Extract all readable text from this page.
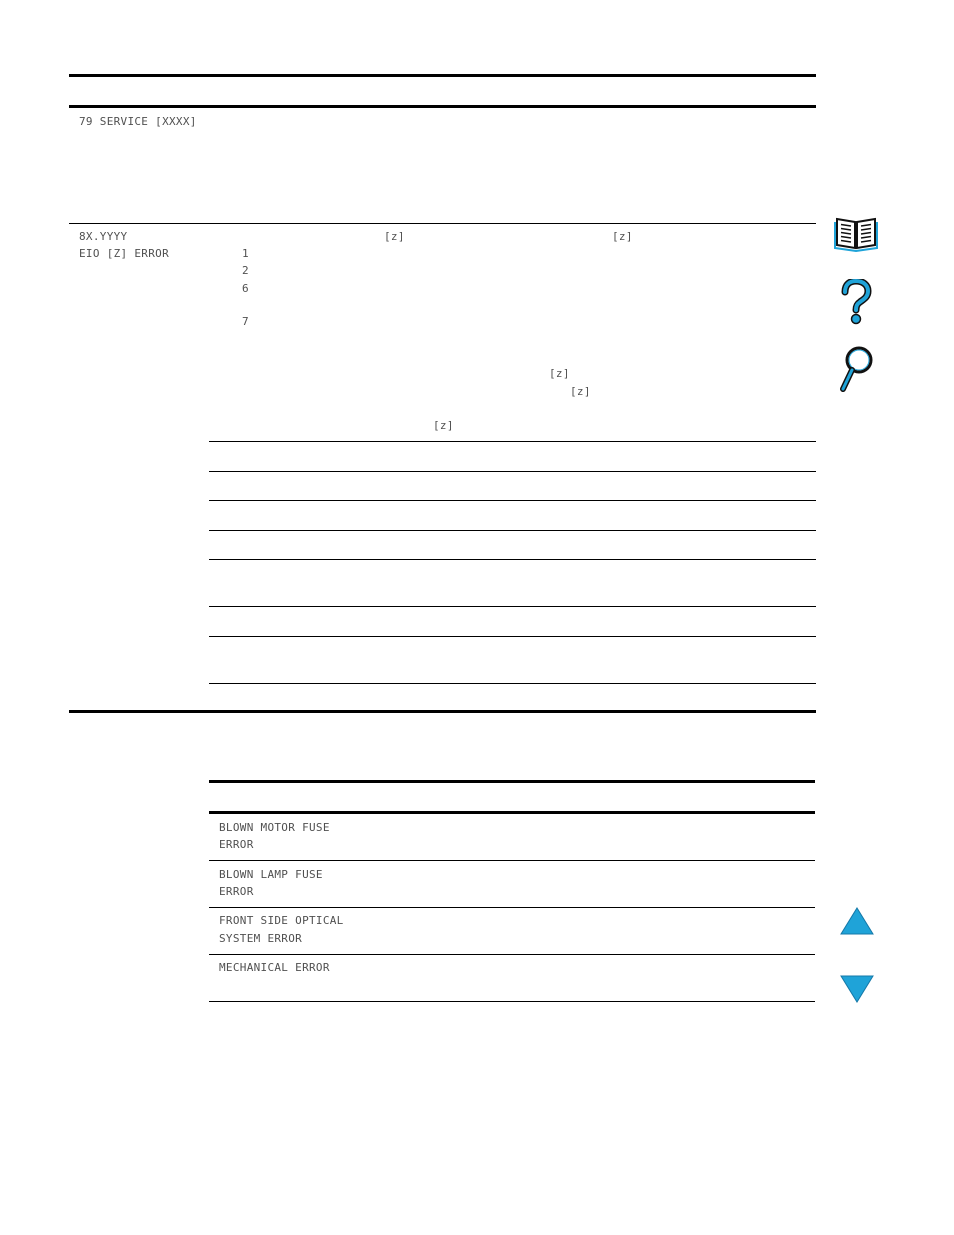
79 SERVICE [XXXX]
8X.YYYY
EIO [Z] ERROR
[z]	[z]
1
2
6
7
[z]
[z]
[z]
BLOWN MOTOR FUSE
ERROR
BLOWN LAMP FUSE
ERROR
FRONT SIDE OPTICAL
SYSTEM ERROR
MECHANICAL ERROR
